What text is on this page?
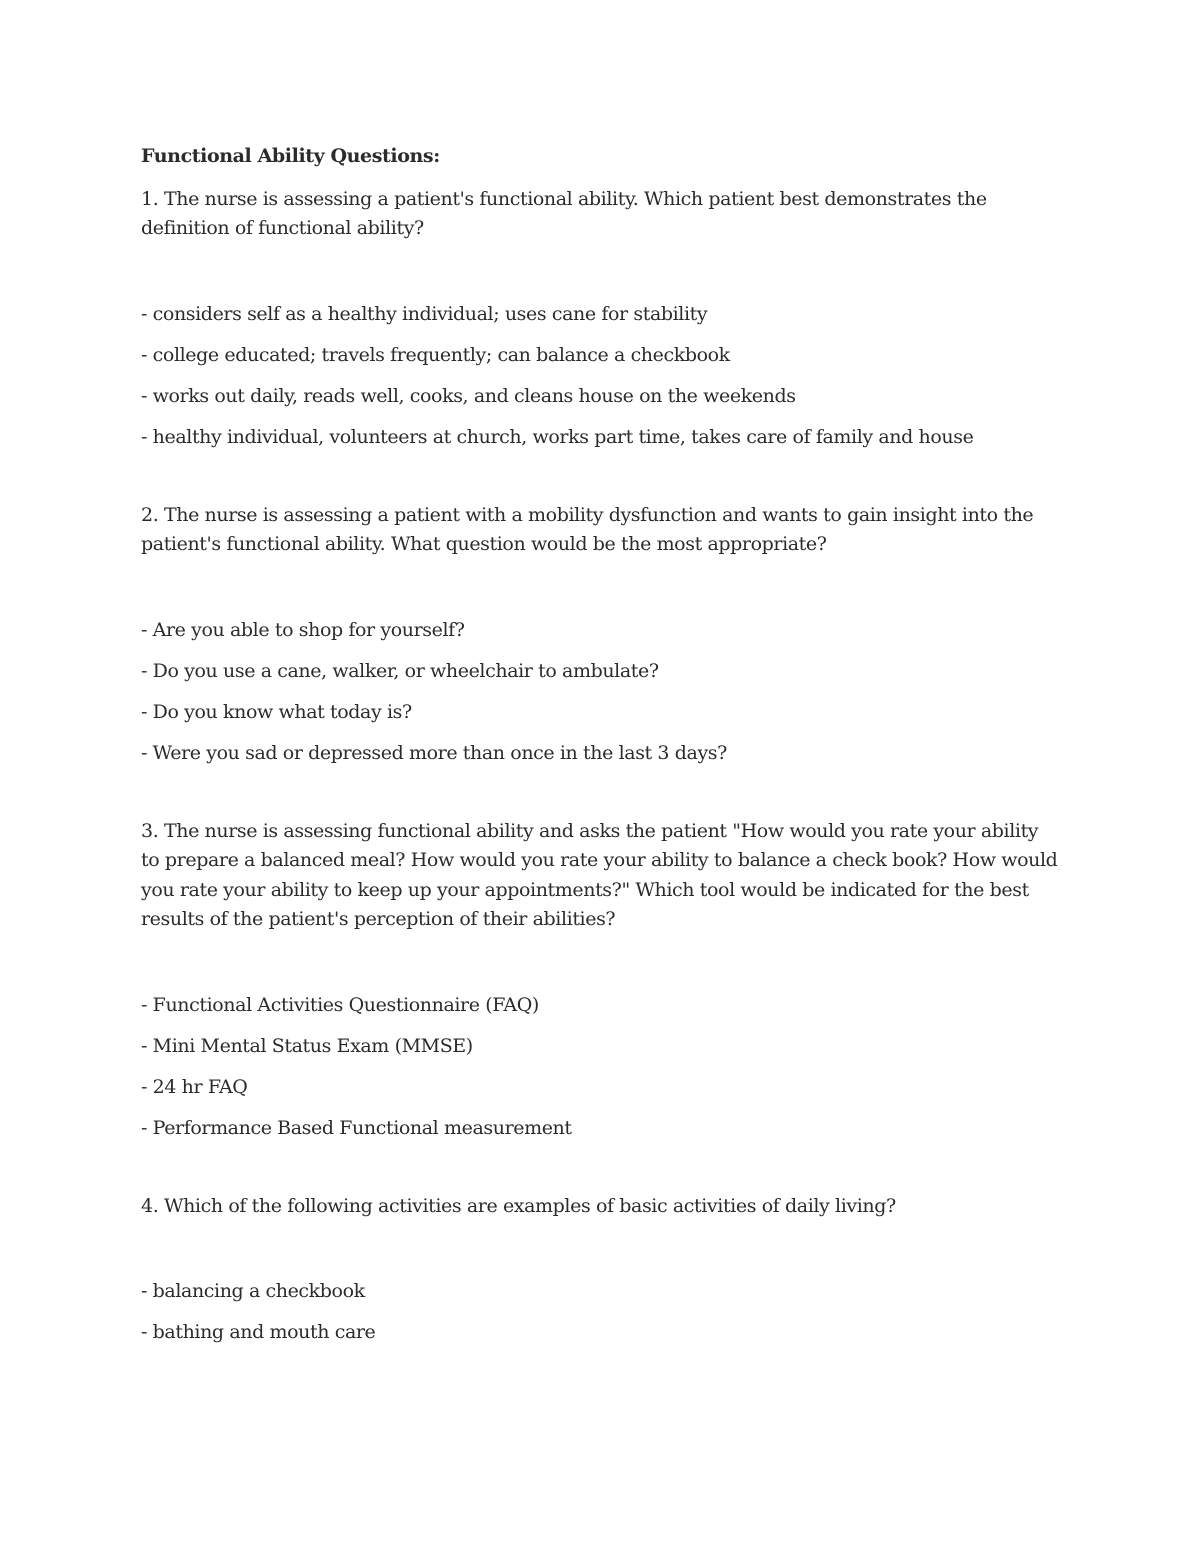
Functional Ability Questions:

1. The nurse is assessing a patient's functional ability. Which patient best demonstrates the definition of functional ability?

- considers self as a healthy individual; uses cane for stability
- college educated; travels frequently; can balance a checkbook
- works out daily, reads well, cooks, and cleans house on the weekends
- healthy individual, volunteers at church, works part time, takes care of family and house

2. The nurse is assessing a patient with a mobility dysfunction and wants to gain insight into the patient's functional ability. What question would be the most appropriate?

- Are you able to shop for yourself?
- Do you use a cane, walker, or wheelchair to ambulate?
- Do you know what today is?
- Were you sad or depressed more than once in the last 3 days?

3. The nurse is assessing functional ability and asks the patient "How would you rate your ability to prepare a balanced meal? How would you rate your ability to balance a check book? How would you rate your ability to keep up your appointments?" Which tool would be indicated for the best results of the patient's perception of their abilities?

- Functional Activities Questionnaire (FAQ)
- Mini Mental Status Exam (MMSE)
- 24 hr FAQ
- Performance Based Functional measurement

4. Which of the following activities are examples of basic activities of daily living?

- balancing a checkbook
- bathing and mouth care
